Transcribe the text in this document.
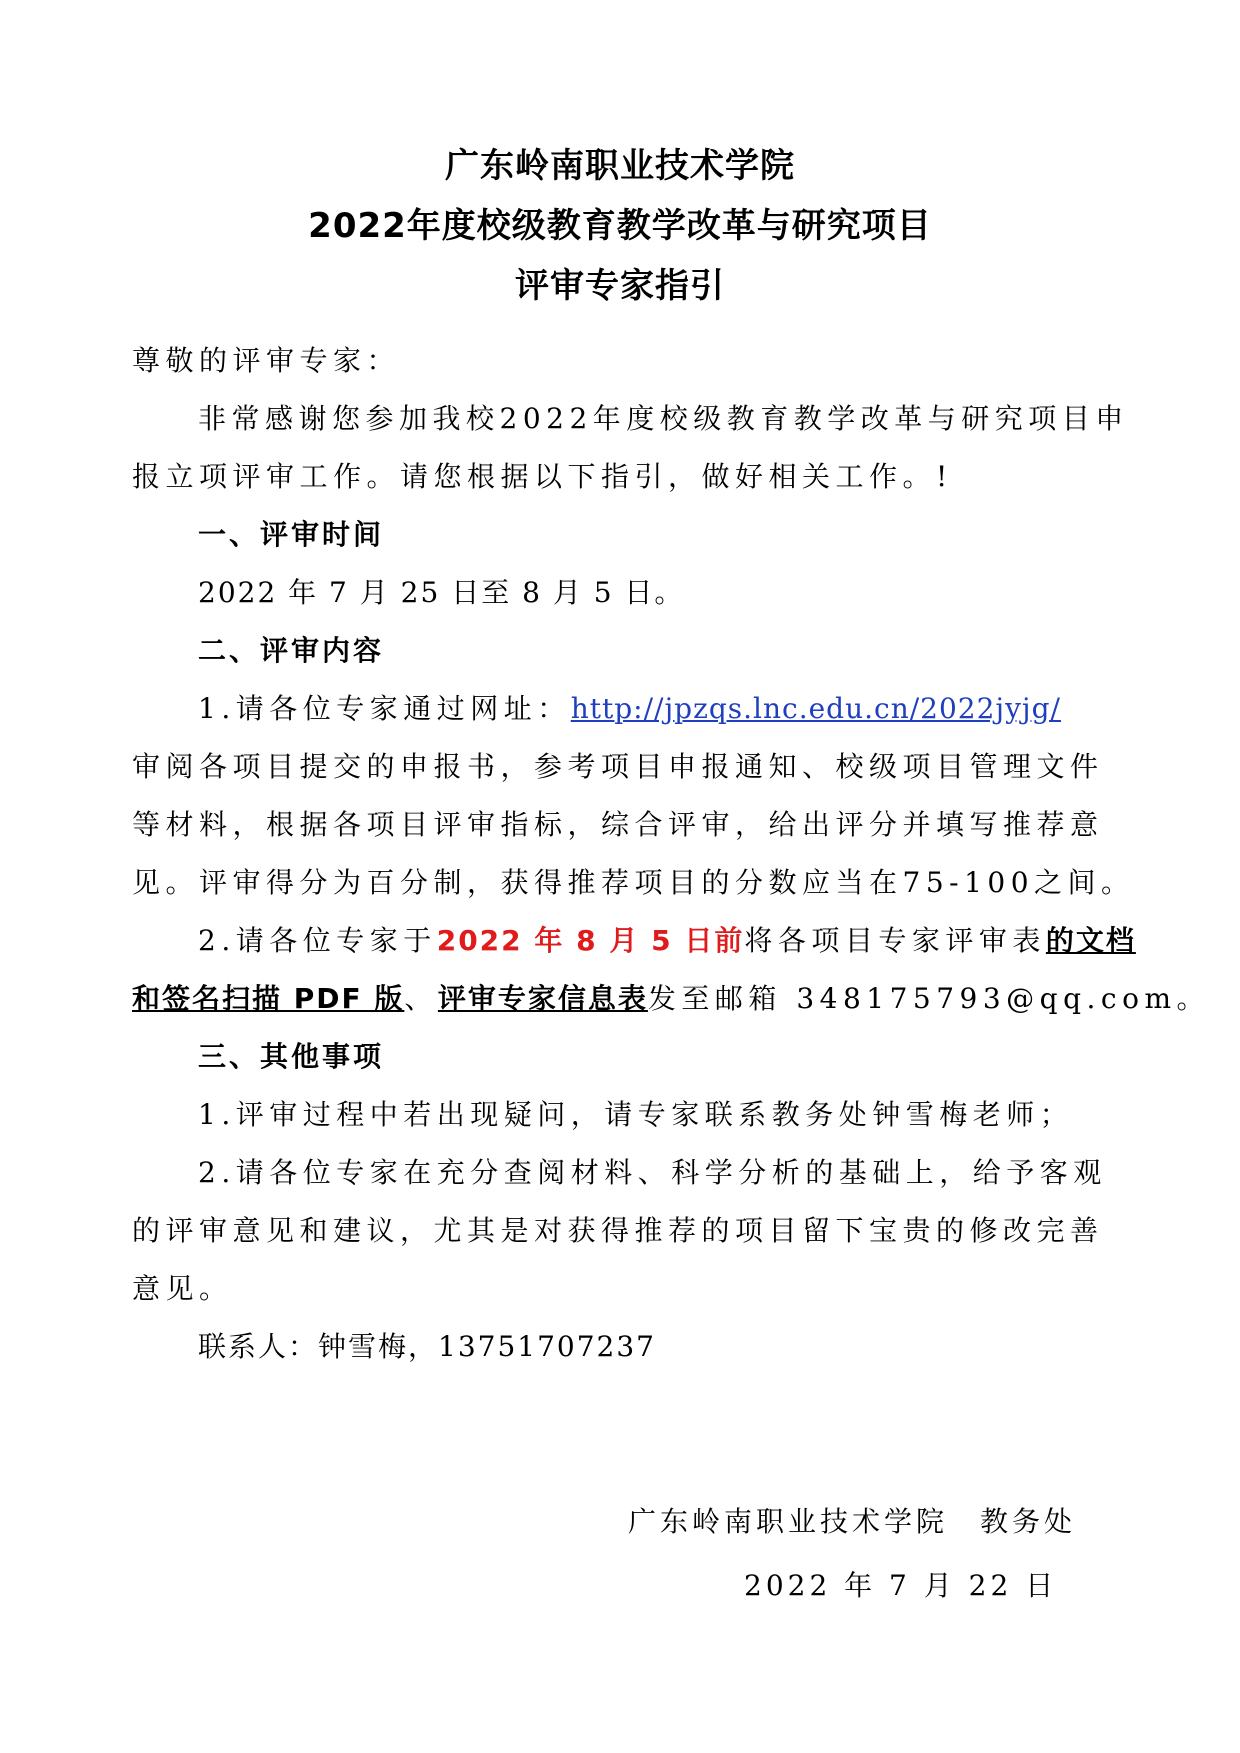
广东岭南职业技术学院
2022年度校级教育教学改革与研究项目
评审专家指引
尊敬的评审专家：
非常感谢您参加我校2022年度校级教育教学改革与研究项目申
报立项评审工作。请您根据以下指引，做好相关工作。!
一、评审时间
2022 年 7 月 25 日至 8 月 5 日。
二、评审内容
1.请各位专家通过网址：http://jpzqs.lnc.edu.cn/2022jyjg/
审阅各项目提交的申报书，参考项目申报通知、校级项目管理文件
等材料，根据各项目评审指标，综合评审，给出评分并填写推荐意
见。评审得分为百分制，获得推荐项目的分数应当在75-100之间。
2.请各位专家于2022 年 8 月 5 日前将各项目专家评审表的文档
和签名扫描 PDF 版、评审专家信息表发至邮箱 348175793@qq.com。
三、其他事项
1.评审过程中若出现疑问，请专家联系教务处钟雪梅老师；
2.请各位专家在充分查阅材料、科学分析的基础上，给予客观
的评审意见和建议，尤其是对获得推荐的项目留下宝贵的修改完善
意见。
联系人：钟雪梅，13751707237
广东岭南职业技术学院　教务处
2022 年 7 月 22 日
